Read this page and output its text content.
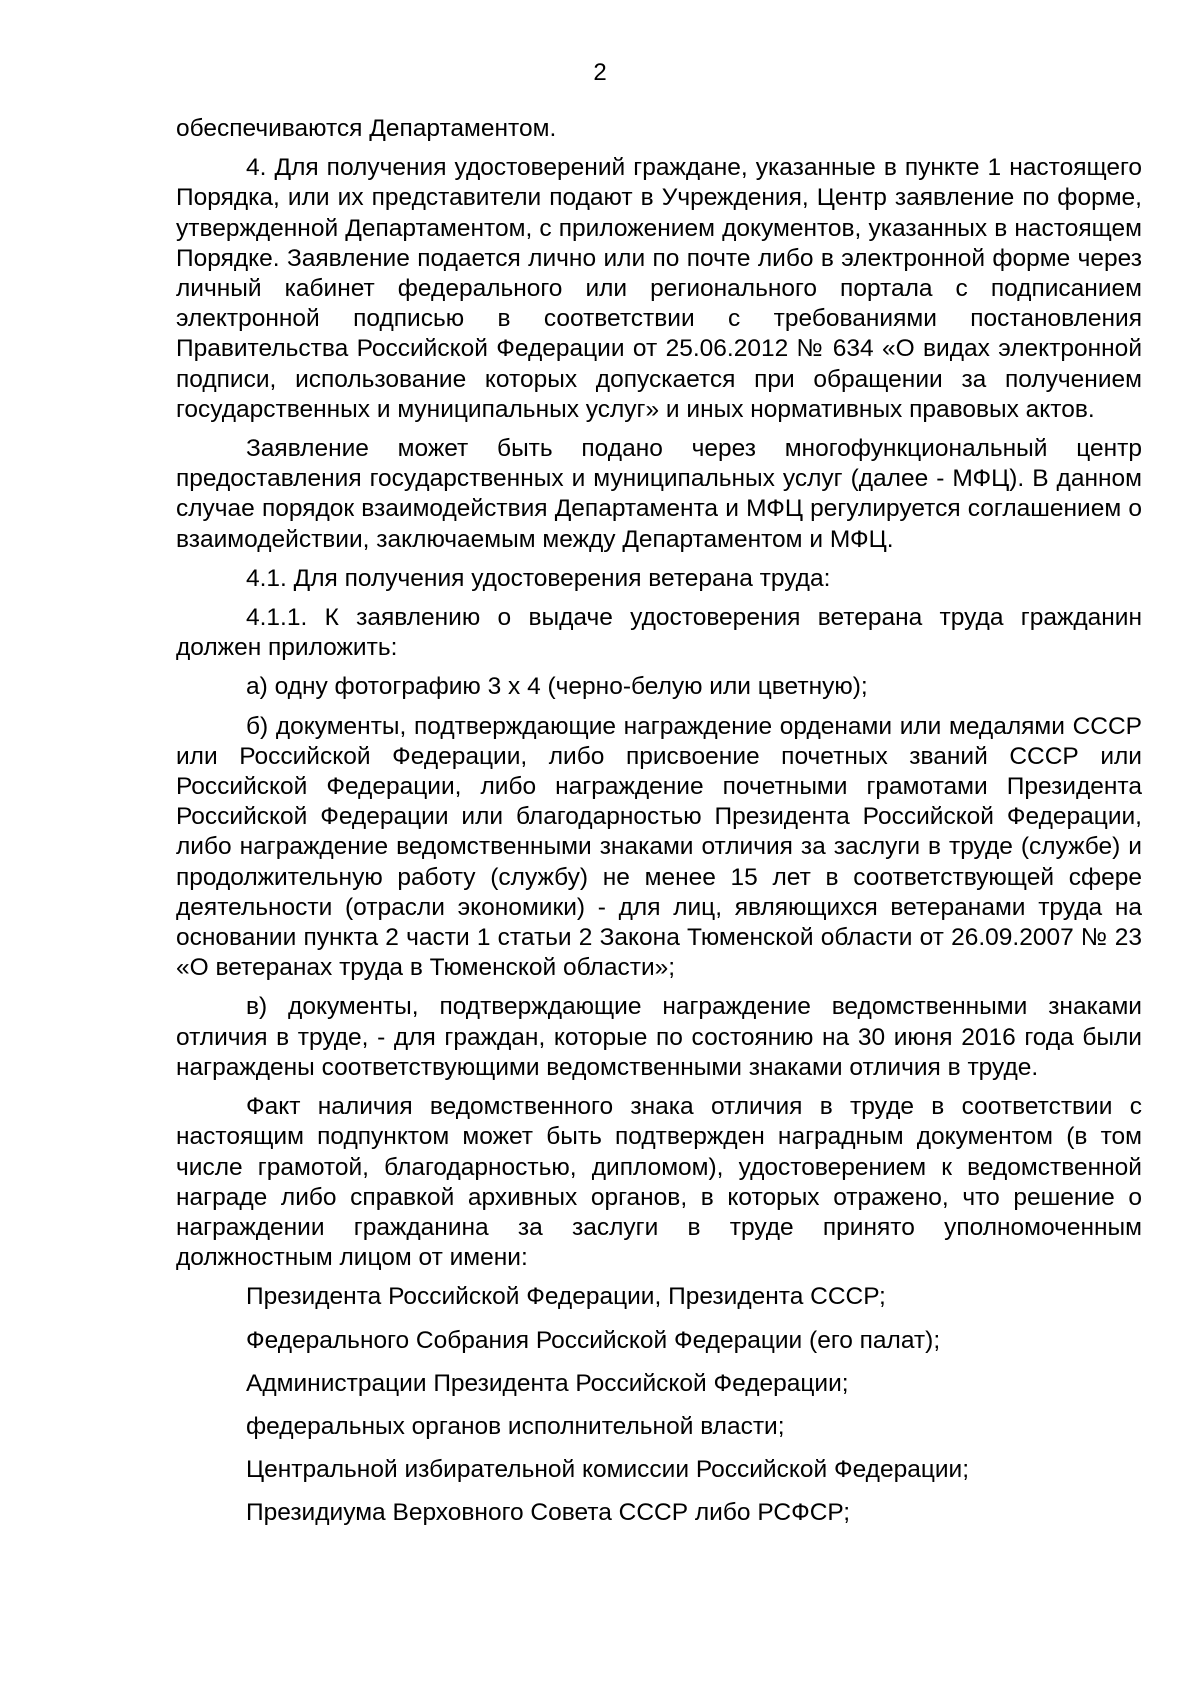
2

обеспечиваются Департаментом.

4. Для получения удостоверений граждане, указанные в пункте 1 настоящего Порядка, или их представители подают в Учреждения, Центр заявление по форме, утвержденной Департаментом, с приложением документов, указанных в настоящем Порядке. Заявление подается лично или по почте либо в электронной форме через личный кабинет федерального или регионального портала с подписанием электронной подписью в соответствии с требованиями постановления Правительства Российской Федерации от 25.06.2012 № 634 «О видах электронной подписи, использование которых допускается при обращении за получением государственных и муниципальных услуг» и иных нормативных правовых актов.

Заявление может быть подано через многофункциональный центр предоставления государственных и муниципальных услуг (далее - МФЦ). В данном случае порядок взаимодействия Департамента и МФЦ регулируется соглашением о взаимодействии, заключаемым между Департаментом и МФЦ.

4.1. Для получения удостоверения ветерана труда:

4.1.1. К заявлению о выдаче удостоверения ветерана труда гражданин должен приложить:

а) одну фотографию 3 х 4 (черно-белую или цветную);

б) документы, подтверждающие награждение орденами или медалями СССР или Российской Федерации, либо присвоение почетных званий СССР или Российской Федерации, либо награждение почетными грамотами Президента Российской Федерации или благодарностью Президента Российской Федерации, либо награждение ведомственными знаками отличия за заслуги в труде (службе) и продолжительную работу (службу) не менее 15 лет в соответствующей сфере деятельности (отрасли экономики) - для лиц, являющихся ветеранами труда на основании пункта 2 части 1 статьи 2 Закона Тюменской области от 26.09.2007 № 23 «О ветеранах труда в Тюменской области»;

в) документы, подтверждающие награждение ведомственными знаками отличия в труде, - для граждан, которые по состоянию на 30 июня 2016 года были награждены соответствующими ведомственными знаками отличия в труде.

Факт наличия ведомственного знака отличия в труде в соответствии с настоящим подпунктом может быть подтвержден наградным документом (в том числе грамотой, благодарностью, дипломом), удостоверением к ведомственной награде либо справкой архивных органов, в которых отражено, что решение о награждении гражданина за заслуги в труде принято уполномоченным должностным лицом от имени:

Президента Российской Федерации, Президента СССР;

Федерального Собрания Российской Федерации (его палат);

Администрации Президента Российской Федерации;

федеральных органов исполнительной власти;

Центральной избирательной комиссии Российской Федерации;

Президиума Верховного Совета СССР либо РСФСР;
